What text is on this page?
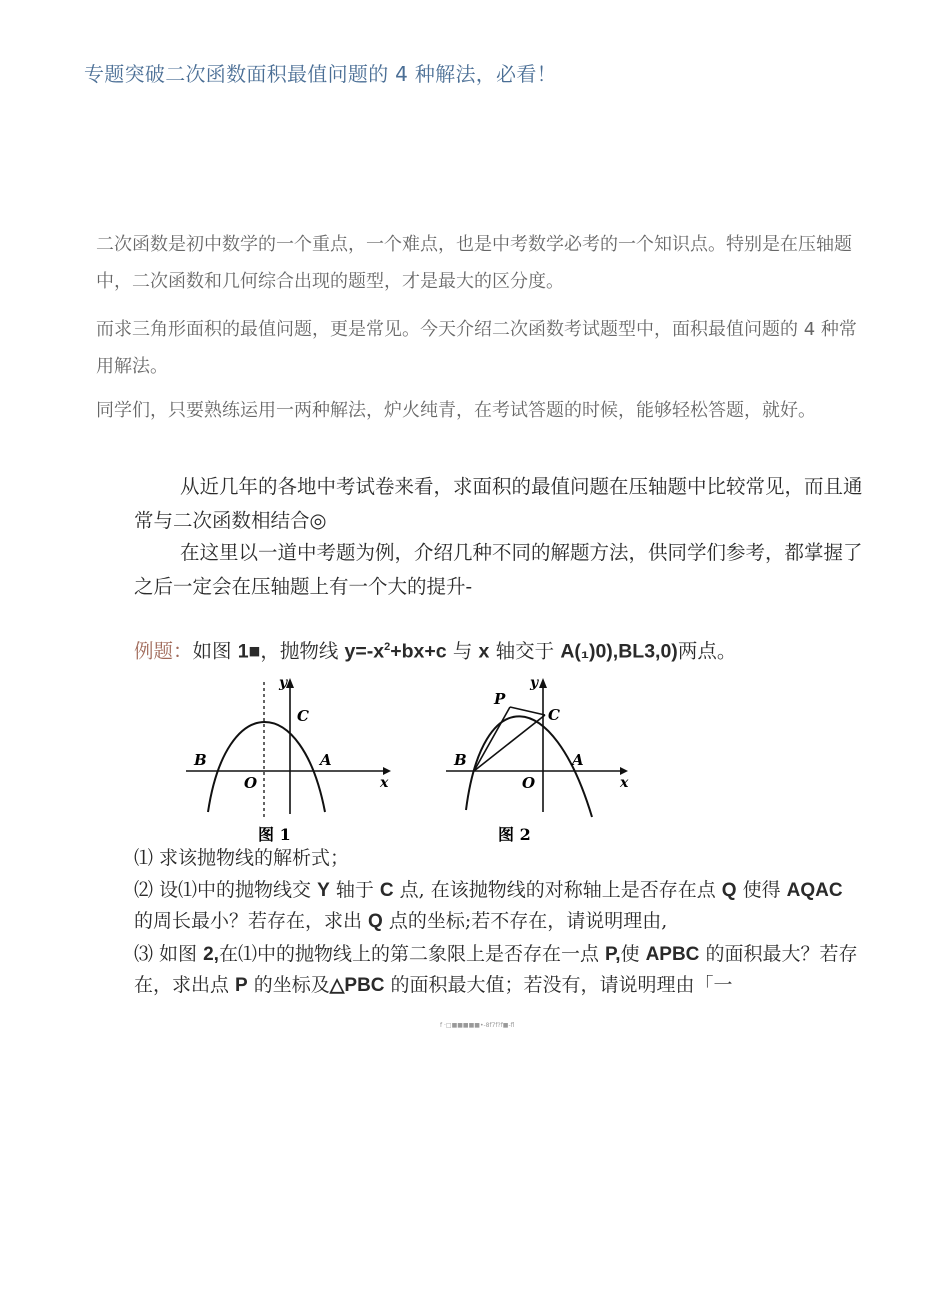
专题突破二次函数面积最值问题的 4 种解法，必看！

二次函数是初中数学的一个重点，一个难点，也是中考数学必考的一个知识点。特别是在压轴题中，二次函数和几何综合出现的题型，才是最大的区分度。

而求三角形面积的最值问题，更是常见。今天介绍二次函数考试题型中，面积最值问题的 4 种常用解法。

同学们，只要熟练运用一两种解法，炉火纯青，在考试答题的时候，能够轻松答题，就好。

从近几年的各地中考试卷来看，求面积的最值问题在压轴题中比较常见，而且通常与二次函数相结合◎

在这里以一道中考题为例，介绍几种不同的解题方法，供同学们参考，都掌握了之后一定会在压轴题上有一个大的提升-

例题：如图 1■，抛物线 $y=-x^2+bx+c$ 与 x 轴交于 A(₁)0),BL3,0)两点。
y
x
B
O
A
C
图 1
y
x
P
B
O
A
C
图 2

⑴ 求该抛物线的解析式；

⑵ 设⑴中的抛物线交 Y 轴于 C 点, 在该抛物线的对称轴上是否存在点 Q 使得 AQAC 的周长最小？若存在，求出 Q 点的坐标;若不存在，请说明理由,

⑶ 如图 2,在⑴中的抛物线上的第二象限上是否存在一点 P,使 APBC 的面积最大？若存在，求出点 P 的坐标及△PBC 的面积最大值；若没有，请说明理由「一

f ·□■■■■■•-8f7f?f■-fl
